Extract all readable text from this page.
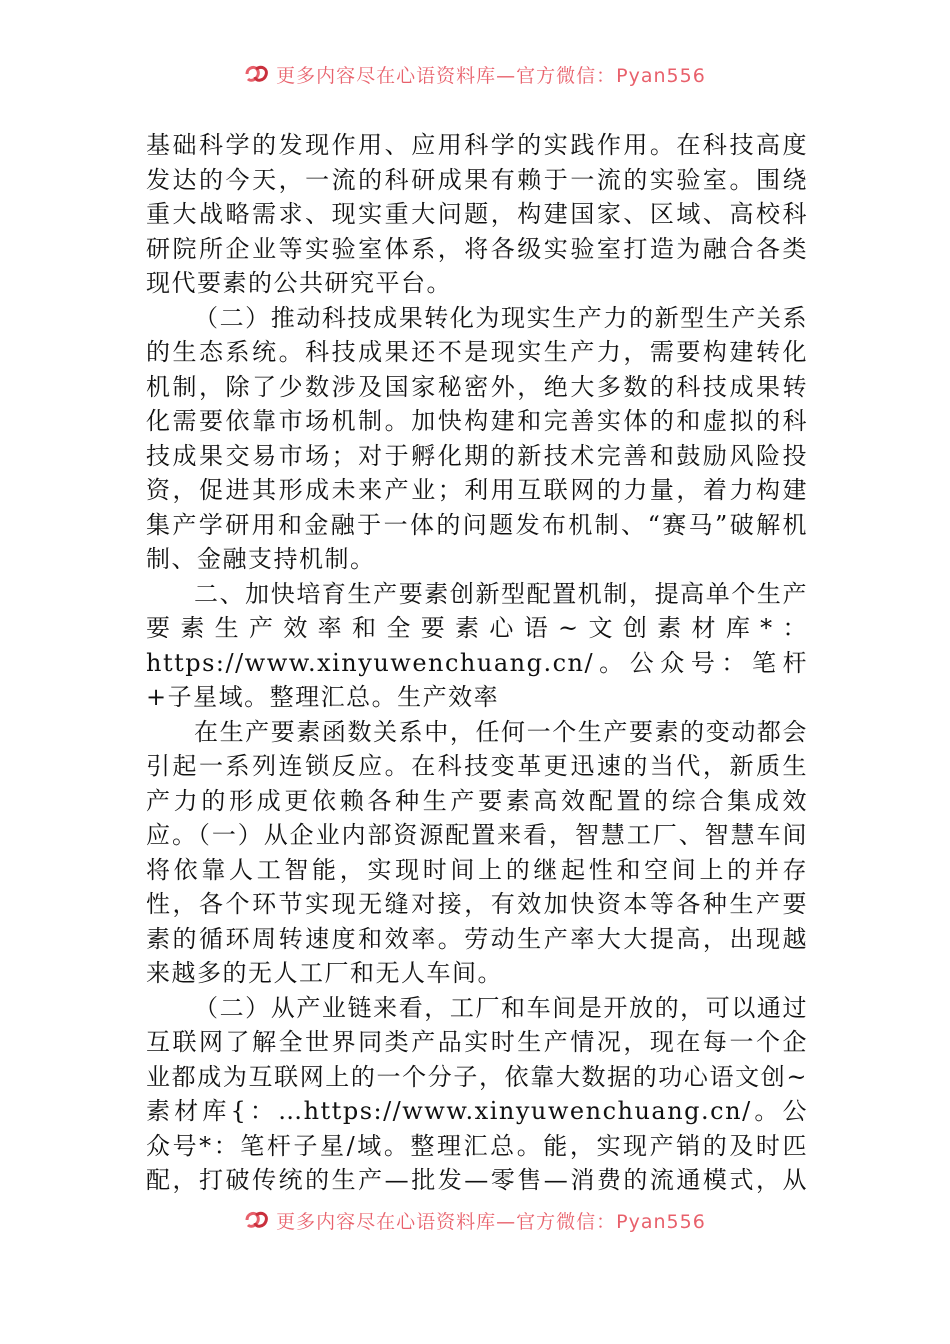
更多内容尽在心语资料库—官方微信：Pyan556

基础科学的发现作用、应用科学的实践作用。在科技高度发达的今天，一流的科研成果有赖于一流的实验室。围绕重大战略需求、现实重大问题，构建国家、区域、高校科研院所企业等实验室体系，将各级实验室打造为融合各类现代要素的公共研究平台。

（二）推动科技成果转化为现实生产力的新型生产关系的生态系统。科技成果还不是现实生产力，需要构建转化机制，除了少数涉及国家秘密外，绝大多数的科技成果转化需要依靠市场机制。加快构建和完善实体的和虚拟的科技成果交易市场；对于孵化期的新技术完善和鼓励风险投资，促进其形成未来产业；利用互联网的力量，着力构建集产学研用和金融于一体的问题发布机制、“赛马”破解机制、金融支持机制。

二、加快培育生产要素创新型配置机制，提高单个生产要素生产效率和全要素心语~文创素材库*：https://www.xinyuwenchuang.cn/。公众号：笔杆+子星域。整理汇总。生产效率

在生产要素函数关系中，任何一个生产要素的变动都会引起一系列连锁反应。在科技变革更迅速的当代，新质生产力的形成更依赖各种生产要素高效配置的综合集成效应。（一）从企业内部资源配置来看，智慧工厂、智慧车间将依靠人工智能，实现时间上的继起性和空间上的并存性，各个环节实现无缝对接，有效加快资本等各种生产要素的循环周转速度和效率。劳动生产率大大提高，出现越来越多的无人工厂和无人车间。

（二）从产业链来看，工厂和车间是开放的，可以通过互联网了解全世界同类产品实时生产情况，现在每一个企业都成为互联网上的一个分子，依靠大数据的功心语文创~素材库{：…https://www.xinyuwenchuang.cn/。公众号*：笔杆子星/域。整理汇总。能，实现产销的及时匹配，打破传统的生产—批发—零售—消费的流通模式，从

更多内容尽在心语资料库—官方微信：Pyan556
